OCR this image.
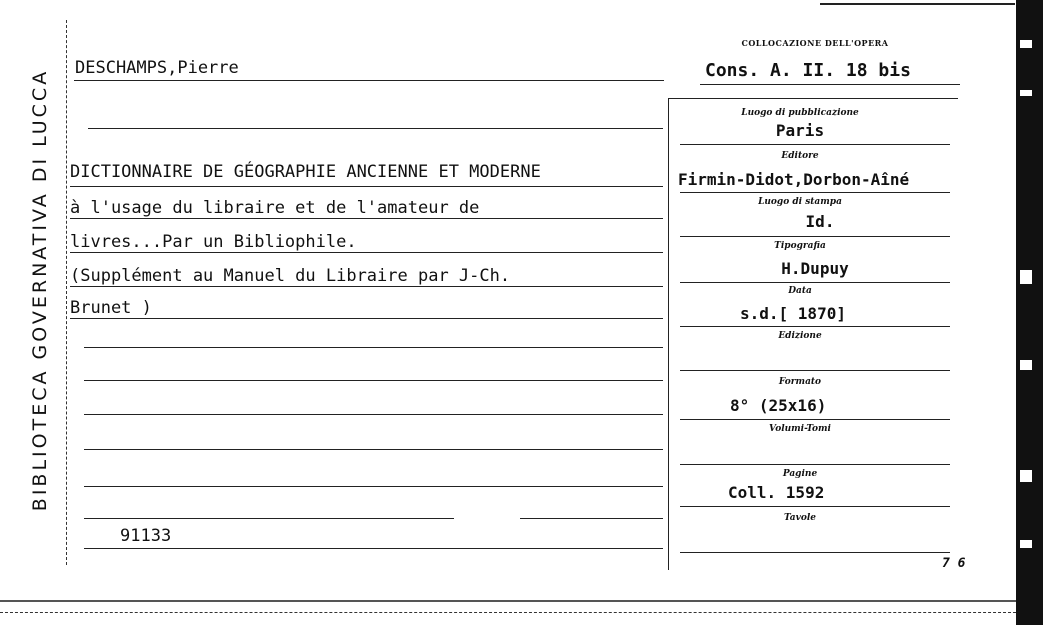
BIBLIOTECA GOVERNATIVA DI LUCCA
DESCHAMPS,Pierre
COLLOCAZIONE DELL'OPERA
Cons. A. II. 18 bis
DICTIONNAIRE DE GÉOGRAPHIE ANCIENNE ET MODERNE
à l'usage du libraire et de l'amateur de
livres...Par un Bibliophile.
(Supplément au Manuel du Libraire par J-Ch.
Brunet )
91133
Luogo di pubblicazione
Paris
Editore
Firmin-Didot,Dorbon-Aîné
Luogo di stampa
Id.
Tipografia
H.Dupuy
Data
s.d.[ 1870]
Edizione
Formato
8° (25x16)
Volumi-Tomi
Pagine
Coll. 1592
Tavole
7 6
